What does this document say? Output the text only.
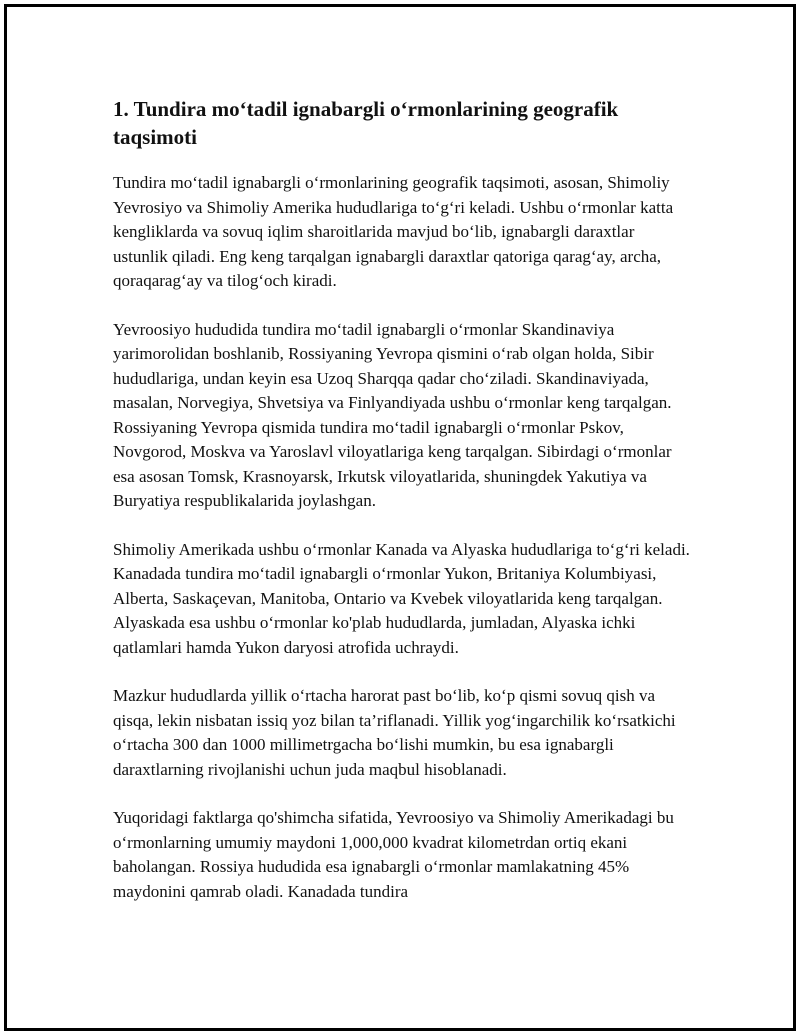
1. Tundira mo‘tadil ignabargli o‘rmonlarining geografik taqsimoti

Tundira mo‘tadil ignabargli o‘rmonlarining geografik taqsimoti, asosan, Shimoliy Yevrosiyo va Shimoliy Amerika hududlariga to‘g‘ri keladi. Ushbu o‘rmonlar katta kengliklarda va sovuq iqlim sharoitlarida mavjud bo‘lib, ignabargli daraxtlar ustunlik qiladi. Eng keng tarqalgan ignabargli daraxtlar qatoriga qarag‘ay, archa, qoraqarag‘ay va tilog‘och kiradi.

Yevroosiyo hududida tundira mo‘tadil ignabargli o‘rmonlar Skandinaviya yarimorolidan boshlanib, Rossiyaning Yevropa qismini o‘rab olgan holda, Sibir hududlariga, undan keyin esa Uzoq Sharqqa qadar cho‘ziladi. Skandinaviyada, masalan, Norvegiya, Shvetsiya va Finlyandiyada ushbu o‘rmonlar keng tarqalgan. Rossiyaning Yevropa qismida tundira mo‘tadil ignabargli o‘rmonlar Pskov, Novgorod, Moskva va Yaroslavl viloyatlariga keng tarqalgan. Sibirdagi o‘rmonlar esa asosan Tomsk, Krasnoyarsk, Irkutsk viloyatlarida, shuningdek Yakutiya va Buryatiya respublikalarida joylashgan.

Shimoliy Amerikada ushbu o‘rmonlar Kanada va Alyaska hududlariga to‘g‘ri keladi. Kanadada tundira mo‘tadil ignabargli o‘rmonlar Yukon, Britaniya Kolumbiyasi, Alberta, Saskaçevan, Manitoba, Ontario va Kvebek viloyatlarida keng tarqalgan. Alyaskada esa ushbu o‘rmonlar ko'plab hududlarda, jumladan, Alyaska ichki qatlamlari hamda Yukon daryosi atrofida uchraydi.

Mazkur hududlarda yillik o‘rtacha harorat past bo‘lib, ko‘p qismi sovuq qish va qisqa, lekin nisbatan issiq yoz bilan ta’riflanadi. Yillik yog‘ingarchilik ko‘rsatkichi o‘rtacha 300 dan 1000 millimetrgacha bo‘lishi mumkin, bu esa ignabargli daraxtlarning rivojlanishi uchun juda maqbul hisoblanadi.

Yuqoridagi faktlarga qo'shimcha sifatida, Yevroosiyo va Shimoliy Amerikadagi bu o‘rmonlarning umumiy maydoni 1,000,000 kvadrat kilometrdan ortiq ekani baholangan. Rossiya hududida esa ignabargli o‘rmonlar mamlakatning 45% maydonini qamrab oladi. Kanadada tundira
